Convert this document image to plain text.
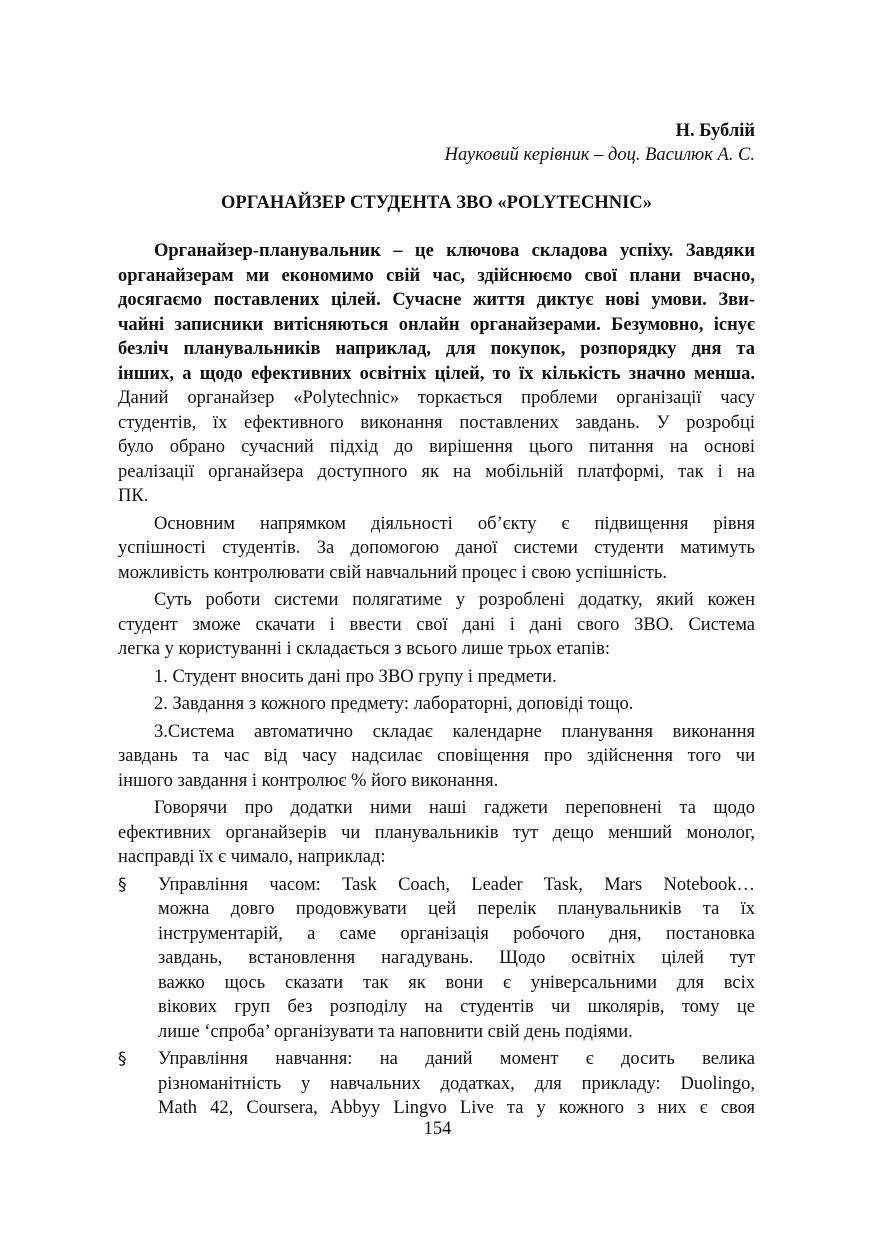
Н. Бублій
Науковий керівник – доц. Василюк А. С.
ОРГАНАЙЗЕР СТУДЕНТА ЗВО «POLYTECHNIC»
Органайзер-планувальник – це ключова складова успіху. Завдяки
органайзерам ми економимо свій час, здійснюємо свої плани вчасно,
досягаємо поставлених цілей. Сучасне життя диктує нові умови. Зви-
чайні записники витісняються онлайн органайзерами. Безумовно, існує
безліч планувальників наприклад, для покупок, розпорядку дня та
інших, а щодо ефективних освітніх цілей, то їх кількість значно менша.
Даний органайзер «Polytechnic» торкається проблеми організації часу
студентів, їх ефективного виконання поставлених завдань. У розробці
було обрано сучасний підхід до вирішення цього питання на основі
реалізації органайзера доступного як на мобільній платформі, так і на
ПК.
Основним напрямком діяльності об’єкту є підвищення рівня
успішності студентів. За допомогою даної системи студенти матимуть
можливість контролювати свій навчальний процес і свою успішність.
Суть роботи системи полягатиме у розроблені додатку, який кожен
студент зможе скачати і ввести свої дані і дані свого ЗВО. Система
легка у користуванні і складається з всього лише трьох етапів:
1. Студент вносить дані про ЗВО групу і предмети.
2. Завдання з кожного предмету: лабораторні, доповіді тощо.
3.Система автоматично складає календарне планування виконання
завдань та час від часу надсилає сповіщення про здійснення того чи
іншого завдання і контролює % його виконання.
Говорячи про додатки ними наші гаджети переповнені та щодо
ефективних органайзерів чи планувальників тут дещо менший монолог,
насправді їх є чимало, наприклад:
§	Управління часом: Task Coach, Leader Task, Mars Notebook…
можна довго продовжувати цей перелік планувальників та їх
інструментарій, а саме організація робочого дня, постановка
завдань, встановлення нагадувань. Щодо освітніх цілей тут
важко щось сказати так як вони є універсальними для всіх
вікових груп без розподілу на студентів чи школярів, тому це
лише ‘спроба’ організувати та наповнити свій день подіями.
§	Управління навчання: на даний момент є досить велика
різноманітність у навчальних додатках, для прикладу: Duolingo,
Math 42, Coursera, Abbyy Lingvo Live та у кожного з них є своя
154
